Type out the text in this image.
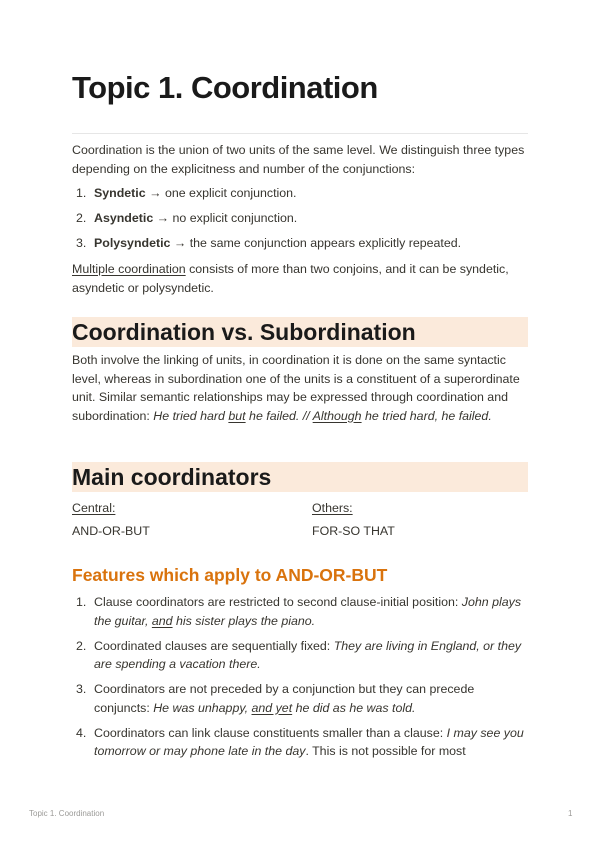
Topic 1. Coordination

Coordination is the union of two units of the same level. We distinguish three types depending on the explicitness and number of the conjunctions:

1. Syndetic → one explicit conjunction.
2. Asyndetic → no explicit conjunction.
3. Polysyndetic → the same conjunction appears explicitly repeated.

Multiple coordination consists of more than two conjoins, and it can be syndetic, asyndetic or polysyndetic.

Coordination vs. Subordination

Both involve the linking of units, in coordination it is done on the same syntactic level, whereas in subordination one of the units is a constituent of a superordinate unit. Similar semantic relationships may be expressed through coordination and subordination: He tried hard but he failed. // Although he tried hard, he failed.

Main coordinators
Central:
AND-OR-BUT
Others:
FOR-SO THAT
Features which apply to AND-OR-BUT
1. Clause coordinators are restricted to second clause-initial position: John plays the guitar, and his sister plays the piano.
2. Coordinated clauses are sequentially fixed: They are living in England, or they are spending a vacation there.
3. Coordinators are not preceded by a conjunction but they can precede conjuncts: He was unhappy, and yet he did as he was told.
4. Coordinators can link clause constituents smaller than a clause: I may see you tomorrow or may phone late in the day. This is not possible for most
Topic 1. Coordination	1
